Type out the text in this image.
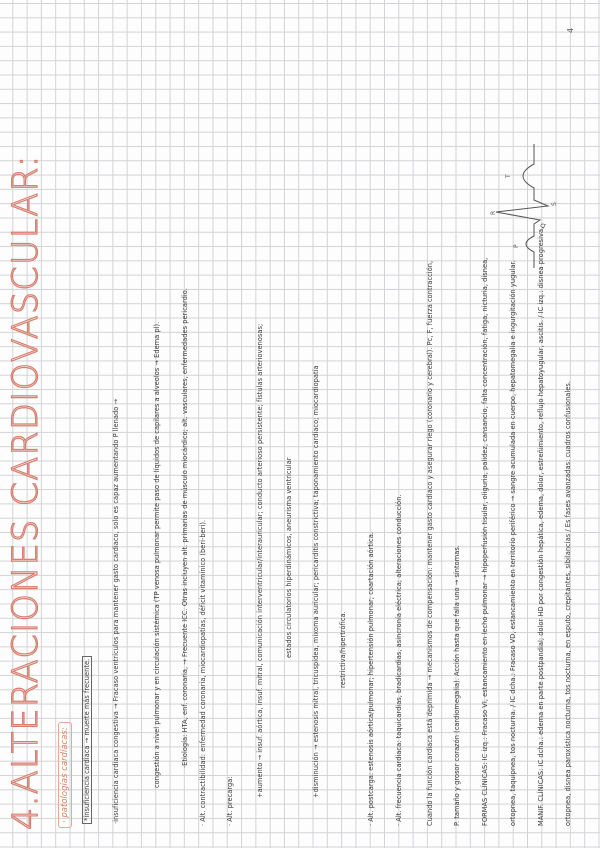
4.ALTERACIONES CARDIOVASCULAR: · patologías cardíacas:
P
R
Q
S
T
*insuficiencia cardiaca → muerte más frecuente.	·insuficiencia cardiaca congestiva → Fracaso ventrículos para mantener gasto cardiaco, solo es capaz aumentando P llenado →	congestión a nivel pulmonar y en circulación sistémica (TP venosa pulmonar permite paso de líquidos de capilares a alveolos → Edema pl).	·Etiología: HTA, enf. coronaria, → Frecuente ICC. Otras incluyen alt. primarias de músculo miocárdico; alt. vasculares, enfermedades pericardio. · Alt. contractibilidad: enfermedad coronaria, miocardiopatías, déficit vitamínico (beri-beri).	· Alt. precarga:
+aumento → insuf. aórtica, insuf. mitral, comunicación interventricular/interauricular; conducto arterioso persistente; fístulas arteriovenosas;	estados circulatorios hiperdinámicos, aneurisma ventricular	+disminución → estenosis mitral, tricuspídea, mixoma auricular; pericarditis constrictiva; taponamiento cardíaco; miocardiopatía	restrictiva/hipertrófica.	· Alt. postcarga: estenosis aórtica/pulmonar; hipertensión pulmonar; coartación aórtica.	· Alt. frecuencia cardiaca: taquicardias, bradicardias, asincronía eléctrica; alteraciones conducción.	Cuando la función cardiaca está deprimida → mecanismos de compensación: mantener gasto cardiaco y asegurar riego (coronario y cerebral). Pc, F, fuerza contracción,	P. tamaño y grosor corazón (cardiomegalia). Acción hasta que falla uno → síntomas.	FORMAS CLÍNICAS: IC izq.: Fracaso VI, estancamiento en lecho pulmonar → hipoperfusión tisular, oliguria, palidez, cansancio, falta concentración, fatiga, nicturia, disnea,	ortopnea, taquipnea, tos nocturna. / IC dcha.: Fracaso VD, estancamiento en territorio periférico → sangre acumulada en cuerpo, hepatomegalia e ingurgitación yugular.	MANIF. CLÍNICAS: IC dcha.: edema en parte postpandial; dolor HD por congestión hepática, edema, dolor, estreñimiento, reflujo hepatoyugular, ascitis. / IC izq.: disnea progresiva,	ortopnea, disnea paroxística nocturna, tos nocturna, en esputo, crepitantes, sibilancias / Es fases avanzadas: cuadros confusionales.
4
